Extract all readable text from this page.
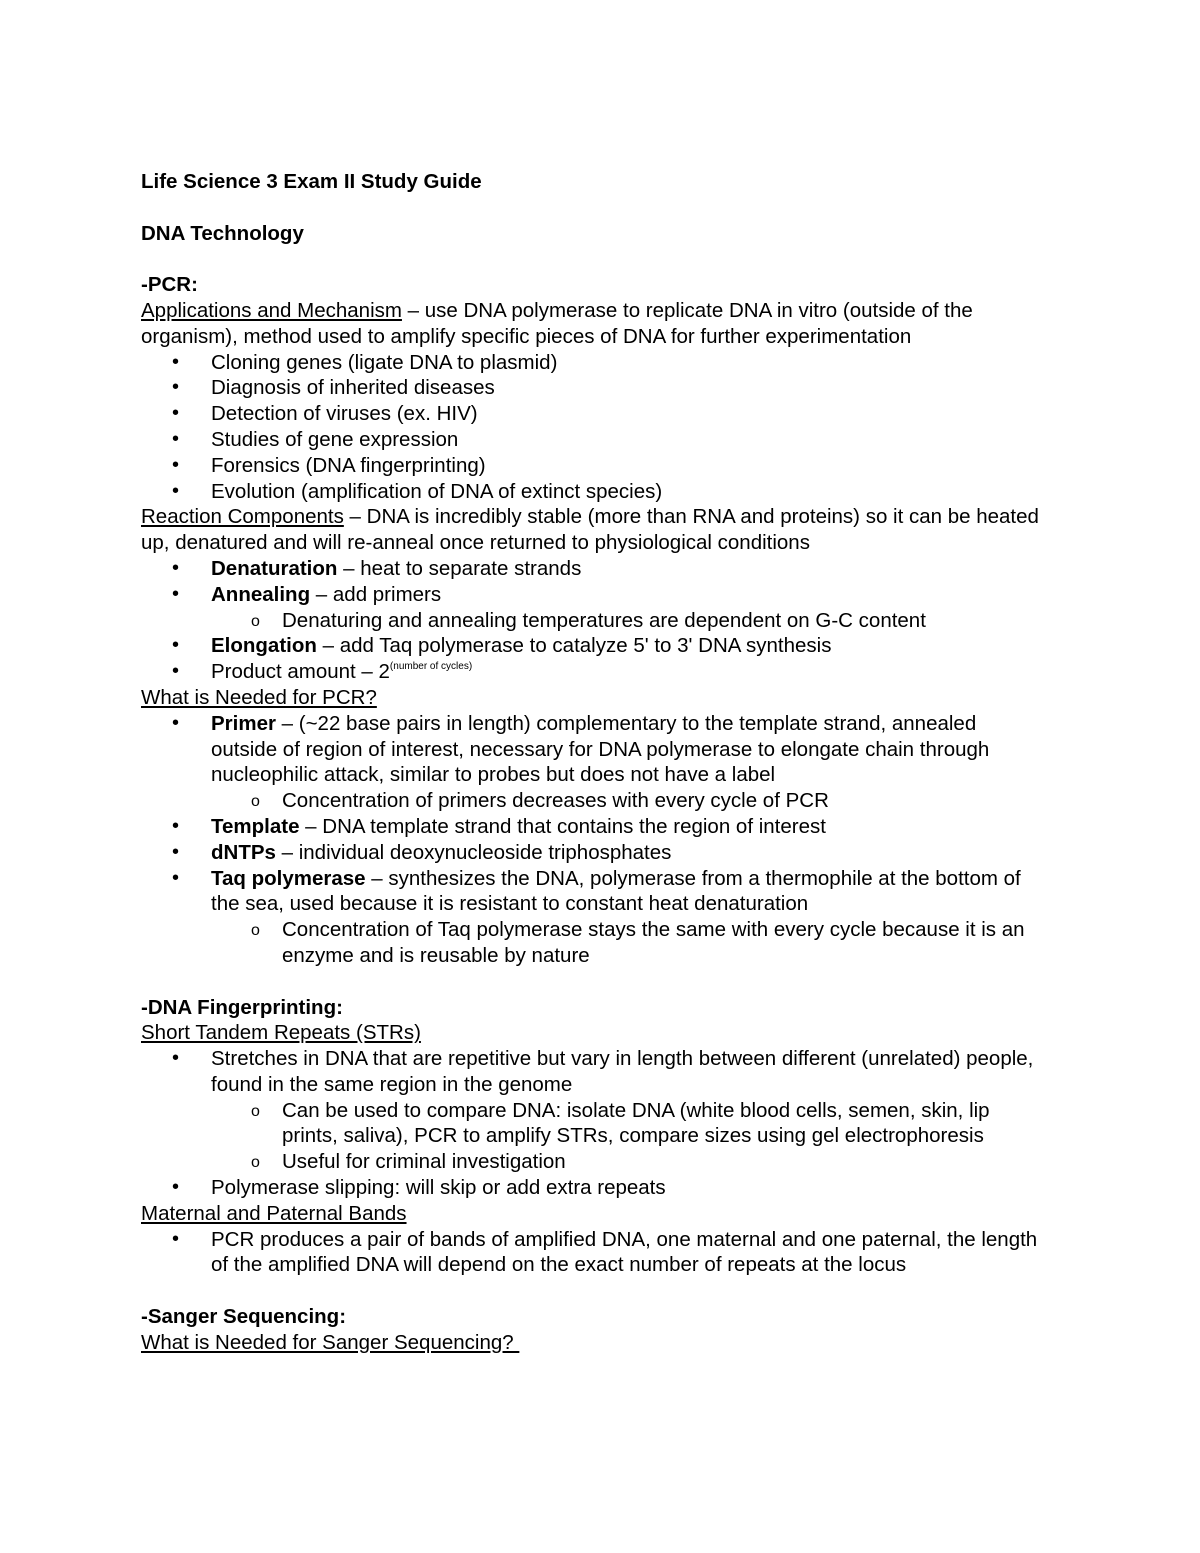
Life Science 3 Exam II Study Guide

DNA Technology

-PCR:

Applications and Mechanism – use DNA polymerase to replicate DNA in vitro (outside of the organism), method used to amplify specific pieces of DNA for further experimentation

• Cloning genes (ligate DNA to plasmid)
• Diagnosis of inherited diseases
• Detection of viruses (ex. HIV)
• Studies of gene expression
• Forensics (DNA fingerprinting)
• Evolution (amplification of DNA of extinct species)

Reaction Components – DNA is incredibly stable (more than RNA and proteins) so it can be heated up, denatured and will re-anneal once returned to physiological conditions

• Denaturation – heat to separate strands
• Annealing – add primers
o Denaturing and annealing temperatures are dependent on G-C content
• Elongation – add Taq polymerase to catalyze 5' to 3' DNA synthesis
• Product amount – $2^{(number of cycles)}$

What is Needed for PCR?

• Primer – (~22 base pairs in length) complementary to the template strand, annealed outside of region of interest, necessary for DNA polymerase to elongate chain through nucleophilic attack, similar to probes but does not have a label
o Concentration of primers decreases with every cycle of PCR
• Template – DNA template strand that contains the region of interest
• dNTPs – individual deoxynucleoside triphosphates
• Taq polymerase – synthesizes the DNA, polymerase from a thermophile at the bottom of the sea, used because it is resistant to constant heat denaturation
o Concentration of Taq polymerase stays the same with every cycle because it is an enzyme and is reusable by nature

-DNA Fingerprinting:

Short Tandem Repeats (STRs)

• Stretches in DNA that are repetitive but vary in length between different (unrelated) people, found in the same region in the genome
o Can be used to compare DNA: isolate DNA (white blood cells, semen, skin, lip prints, saliva), PCR to amplify STRs, compare sizes using gel electrophoresis
o Useful for criminal investigation
• Polymerase slipping: will skip or add extra repeats

Maternal and Paternal Bands

• PCR produces a pair of bands of amplified DNA, one maternal and one paternal, the length of the amplified DNA will depend on the exact number of repeats at the locus

-Sanger Sequencing:

What is Needed for Sanger Sequencing?
